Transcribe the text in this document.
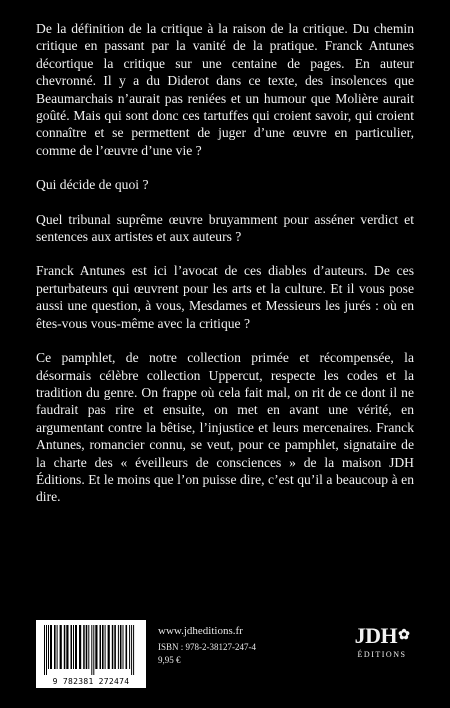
De la définition de la critique à la raison de la critique. Du chemin critique en passant par la vanité de la pratique. Franck Antunes décortique la critique sur une centaine de pages. En auteur chevronné. Il y a du Diderot dans ce texte, des insolences que Beaumarchais n’aurait pas reniées et un humour que Molière aurait goûté. Mais qui sont donc ces tartuffes qui croient savoir, qui croient connaître et se permettent de juger d’une œuvre en particulier, comme de l’œuvre d’une vie ?

Qui décide de quoi ?

Quel tribunal suprême œuvre bruyamment pour asséner verdict et sentences aux artistes et aux auteurs ?

Franck Antunes est ici l’avocat de ces diables d’auteurs. De ces perturbateurs qui œuvrent pour les arts et la culture. Et il vous pose aussi une question, à vous, Mesdames et Messieurs les jurés : où en êtes-vous vous-même avec la critique ?

Ce pamphlet, de notre collection primée et récompensée, la désormais célèbre collection Uppercut, respecte les codes et la tradition du genre. On frappe où cela fait mal, on rit de ce dont il ne faudrait pas rire et ensuite, on met en avant une vérité, en argumentant contre la bêtise, l’injustice et leurs mercenaires. Franck Antunes, romancier connu, se veut, pour ce pamphlet, signataire de la charte des « éveilleurs de consciences » de la maison JDH Éditions. Et le moins que l’on puisse dire, c’est qu’il a beaucoup à en dire.

9 782381 272474
www.jdheditions.fr
ISBN : 978-2-38127-247-4
9,95 €
JDH✿
ÉDITIONS
